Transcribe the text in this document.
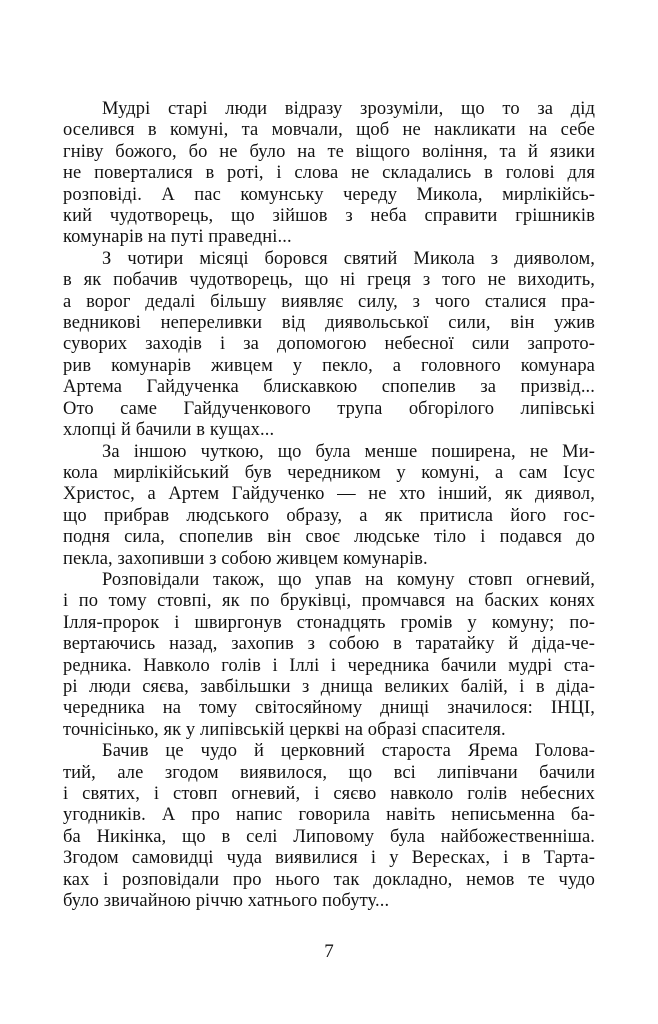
Мудрі старі люди відразу зрозуміли, що то за дід
оселився в комуні, та мовчали, щоб не накликати на себе
гніву божого, бо не було на те віщого воління, та й язики
не поверталися в роті, і слова не складались в голові для
розповіді. А пас комунську череду Микола, мирлікійсь-
кий чудотворець, що зійшов з неба справити грішників
комунарів на путі праведні...
З чотири місяці боровся святий Микола з дияволом,
в як побачив чудотворець, що ні греця з того не виходить,
а ворог дедалі більшу виявляє силу, з чого сталися пра-
ведникові непереливки від диявольської сили, він ужив
суворих заходів і за допомогою небесної сили запрото-
рив комунарів живцем у пекло, а головного комунара
Артема Гайдученка блискавкою спопелив за призвід...
Ото саме Гайдученкового трупа обгорілого липівські
хлопці й бачили в кущах...
За іншою чуткою, що була менше поширена, не Ми-
кола мирлікійський був чередником у комуні, а сам Ісус
Христос, а Артем Гайдученко — не хто інший, як диявол,
що прибрав людського образу, а як притисла його гос-
подня сила, спопелив він своє людське тіло і подався до
пекла, захопивши з собою живцем комунарів.
Розповідали також, що упав на комуну стовп огневий,
і по тому стовпі, як по бруківці, промчався на баских конях
Ілля-пророк і швиргонув стонадцять громів у комуну; по-
вертаючись назад, захопив з собою в таратайку й діда-че-
редника. Навколо голів і Іллі і чередника бачили мудрі ста-
рі люди сяєва, завбільшки з днища великих балій, і в діда-
чередника на тому світосяйному днищі значилося: ІНЦІ,
точнісінько, як у липівській церкві на образі спасителя.
Бачив це чудо й церковний староста Ярема Голова-
тий, але згодом виявилося, що всі липівчани бачили
і святих, і стовп огневий, і сяєво навколо голів небесних
угодників. А про напис говорила навіть неписьменна ба-
ба Никінка, що в селі Липовому була найбожественніша.
Згодом самовидці чуда виявилися і у Вересках, і в Тарта-
ках і розповідали про нього так докладно, немов те чудо
було звичайною річчю хатнього побуту...
7
